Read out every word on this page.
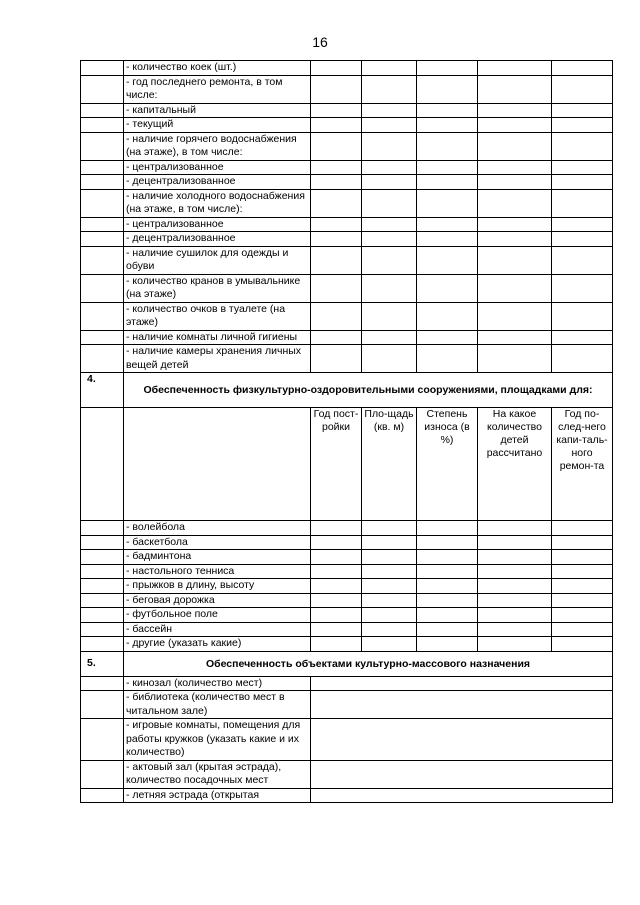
16
	- количество коек (шт.)					
	- год последнего ремонта, в том числе:					
	- капитальный					
	- текущий					
	- наличие горячего водоснабжения (на этаже), в том числе:					
	- централизованное					
	- децентрализованное					
	- наличие холодного водоснабжения (на этаже, в том числе):					
	- централизованное					
	- децентрализованное					
	- наличие сушилок для одежды и обуви					
	- количество кранов в умывальнике (на этаже)					
	- количество очков в туалете (на этаже)					
	- наличие комнаты личной гигиены					
	- наличие камеры хранения личных вещей детей					
4.	Обеспеченность физкультурно-оздоровительными сооружениями, площадками для:					
		Год пост-ройки	Пло-щадь (кв. м)	Степень износа (в %)	На какое количество детей рассчитано	Год по-след-него капи-таль-ного ремон-та
	- волейбола					
	- баскетбола					
	- бадминтона					
	- настольного тенниса					
	- прыжков в длину, высоту					
	- беговая дорожка					
	- футбольное поле					
	- бассейн					
	- другие (указать какие)					
5.	Обеспеченность объектами культурно-массового назначения					
	- кинозал (количество мест)					
	- библиотека (количество мест в читальном зале)					
	- игровые комнаты, помещения для работы кружков (указать какие и их количество)					
	- актовый зал (крытая эстрада), количество посадочных мест					
	- летняя эстрада (открытая					
